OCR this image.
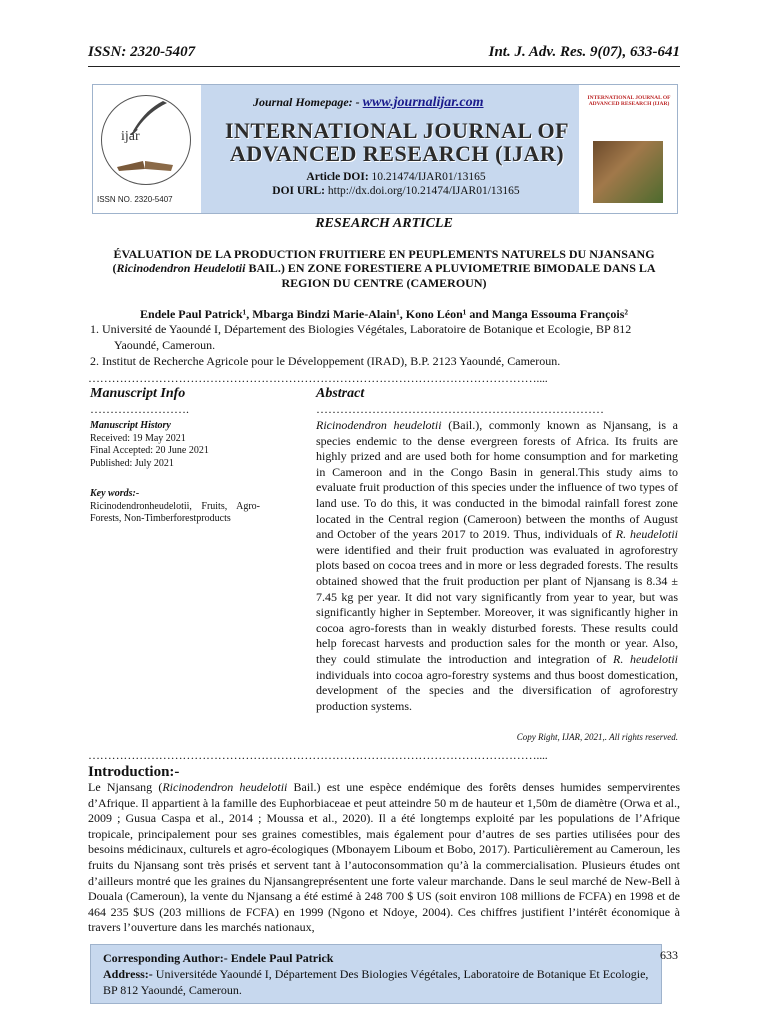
ISSN: 2320-5407	Int. J. Adv. Res. 9(07), 633-641
ijar
ISSN NO. 2320-5407
Journal Homepage: - www.journalijar.com
INTERNATIONAL JOURNAL OF
ADVANCED RESEARCH (IJAR)
Article DOI: 10.21474/IJAR01/13165
DOI URL: http://dx.doi.org/10.21474/IJAR01/13165
INTERNATIONAL JOURNAL OF ADVANCED RESEARCH (IJAR)
RESEARCH ARTICLE
ÉVALUATION DE LA PRODUCTION FRUITIERE EN PEUPLEMENTS NATURELS DU NJANSANG
(Ricinodendron Heudelotii BAIL.) EN ZONE FORESTIERE A PLUVIOMETRIE BIMODALE DANS LA
REGION DU CENTRE (CAMEROUN)
Endele Paul Patrick¹, Mbarga Bindzi Marie-Alain¹, Kono Léon¹ and Manga Essouma François²
1. Université de Yaoundé I, Département des Biologies Végétales, Laboratoire de Botanique et Ecologie, BP 812
Yaoundé, Cameroun.
2. Institut de Recherche Agricole pour le Développement (IRAD), B.P. 2123 Yaoundé, Cameroun.
……………………………………………………………………………………………………....
Manuscript Info
…………………….
Manuscript History
Received: 19 May 2021
Final Accepted: 20 June 2021
Published: July 2021
Key words:-
Ricinodendronheudelotii, Fruits, Agro-Forests, Non-Timberforestproducts
Abstract
………………………………………………………………
Ricinodendron heudelotii (Bail.), commonly known as Njansang, is a species endemic to the dense evergreen forests of Africa. Its fruits are highly prized and are used both for home consumption and for marketing in Cameroon and in the Congo Basin in general.This study aims to evaluate fruit production of this species under the influence of two types of land use. To do this, it was conducted in the bimodal rainfall forest zone located in the Central region (Cameroon) between the months of August and October of the years 2017 to 2019. Thus, individuals of R. heudelotii were identified and their fruit production was evaluated in agroforestry plots based on cocoa trees and in more or less degraded forests. The results obtained showed that the fruit production per plant of Njansang is 8.34 ± 7.45 kg per year. It did not vary significantly from year to year, but was significantly higher in September. Moreover, it was significantly higher in cocoa agro-forests than in weakly disturbed forests. These results could help forecast harvests and production sales for the month or year. Also, they could stimulate the introduction and integration of R. heudelotii individuals into cocoa agro-forestry systems and thus boost domestication, development of the species and the diversification of agroforestry production systems.
Copy Right, IJAR, 2021,. All rights reserved.
……………………………………………………………………………………………………....
Introduction:-
Le Njansang (Ricinodendron heudelotii Bail.) est une espèce endémique des forêts denses humides sempervirentes d’Afrique. Il appartient à la famille des Euphorbiaceae et peut atteindre 50 m de hauteur et 1,50m de diamètre (Orwa et al., 2009 ; Gusua Caspa et al., 2014 ; Moussa et al., 2020). Il a été longtemps exploité par les populations de l’Afrique tropicale, principalement pour ses graines comestibles, mais également pour d’autres de ses parties utilisées pour des besoins médicinaux, culturels et agro-écologiques (Mbonayem Liboum et Bobo, 2017). Particulièrement au Cameroun, les fruits du Njansang sont très prisés et servent tant à l’autoconsommation qu’à la commercialisation. Plusieurs études ont d’ailleurs montré que les graines du Njansangreprésentent une forte valeur marchande. Dans le seul marché de New-Bell à Douala (Cameroun), la vente du Njansang a été estimé à 248 700 $ US (soit environ 108 millions de FCFA) en 1998 et de 464 235 $US (203 millions de FCFA) en 1999 (Ngono et Ndoye, 2004). Ces chiffres justifient l’intérêt économique à travers l’ouverture dans les marchés nationaux,
Corresponding Author:- Endele Paul Patrick
Address:- Universitéde Yaoundé I, Département Des Biologies Végétales, Laboratoire de Botanique Et Ecologie, BP 812 Yaoundé, Cameroun.
633
